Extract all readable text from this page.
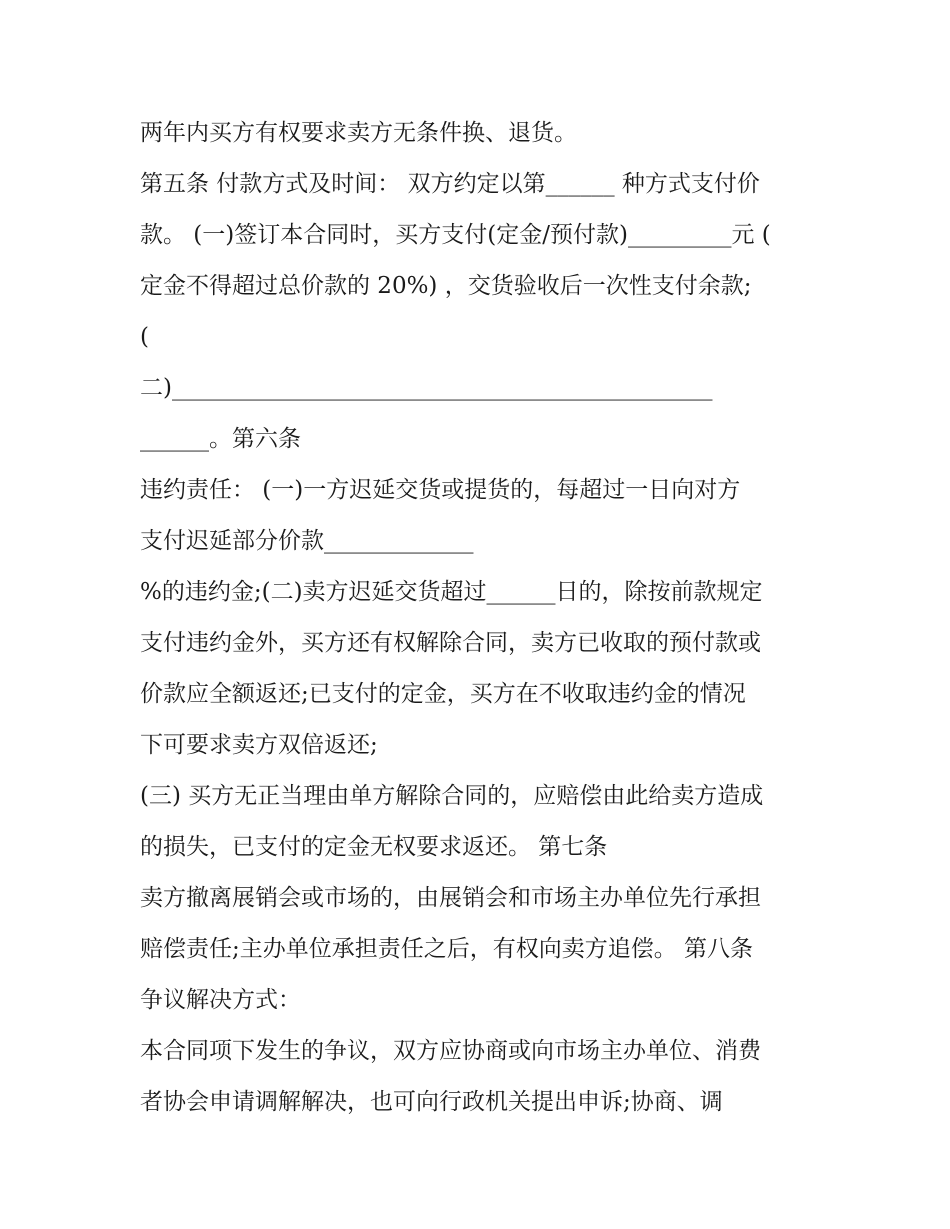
两年内买方有权要求卖方无条件换、退货。
第五条 付款方式及时间： 双方约定以第______ 种方式支付价
款。 (一)签订本合同时，买方支付(定金/预付款)_________元 (
定金不得超过总价款的 20%) ，交货验收后一次性支付余款;
(
二)_______________________________________________
______。第六条
违约责任： (一)一方迟延交货或提货的，每超过一日向对方
支付迟延部分价款_____________
%的违约金;(二)卖方迟延交货超过______日的，除按前款规定
支付违约金外，买方还有权解除合同，卖方已收取的预付款或
价款应全额返还;已支付的定金，买方在不收取违约金的情况
下可要求卖方双倍返还;
(三) 买方无正当理由单方解除合同的，应赔偿由此给卖方造成
的损失，已支付的定金无权要求返还。 第七条
卖方撤离展销会或市场的，由展销会和市场主办单位先行承担
赔偿责任;主办单位承担责任之后，有权向卖方追偿。 第八条
争议解决方式：
本合同项下发生的争议，双方应协商或向市场主办单位、消费
者协会申请调解解决，也可向行政机关提出申诉;协商、调
